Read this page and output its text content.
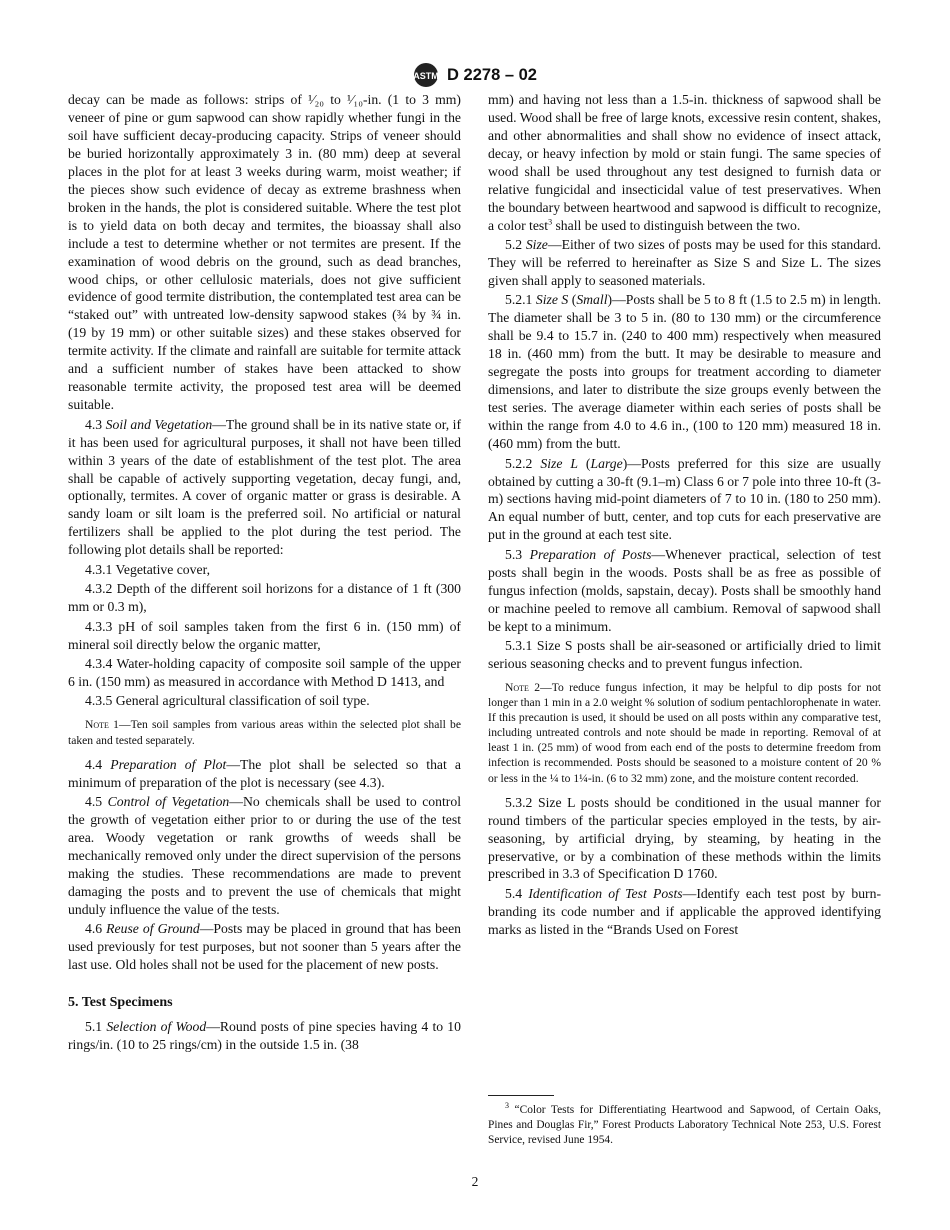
ASTM D 2278 – 02

decay can be made as follows: strips of ¹⁄₂₀ to ¹⁄₁₀-in. (1 to 3 mm) veneer of pine or gum sapwood can show rapidly whether fungi in the soil have sufficient decay-producing capacity. Strips of veneer should be buried horizontally approximately 3 in. (80 mm) deep at several places in the plot for at least 3 weeks during warm, moist weather; if the pieces show such evidence of decay as extreme brashness when broken in the hands, the plot is considered suitable. Where the test plot is to yield data on both decay and termites, the bioassay shall also include a test to determine whether or not termites are present. If the examination of wood debris on the ground, such as dead branches, wood chips, or other cellulosic materials, does not give sufficient evidence of good termite distribution, the contemplated test area can be “staked out” with untreated low-density sapwood stakes (¾ by ¾ in. (19 by 19 mm) or other suitable sizes) and these stakes observed for termite activity. If the climate and rainfall are suitable for termite attack and a sufficient number of stakes have been attacked to show reasonable termite activity, the proposed test area will be deemed suitable.

4.3 Soil and Vegetation—The ground shall be in its native state or, if it has been used for agricultural purposes, it shall not have been tilled within 3 years of the date of establishment of the test plot. The area shall be capable of actively supporting vegetation, decay fungi, and, optionally, termites. A cover of organic matter or grass is desirable. A sandy loam or silt loam is the preferred soil. No artificial or natural fertilizers shall be applied to the plot during the test period. The following plot details shall be reported:

4.3.1 Vegetative cover,

4.3.2 Depth of the different soil horizons for a distance of 1 ft (300 mm or 0.3 m),

4.3.3 pH of soil samples taken from the first 6 in. (150 mm) of mineral soil directly below the organic matter,

4.3.4 Water-holding capacity of composite soil sample of the upper 6 in. (150 mm) as measured in accordance with Method D 1413, and

4.3.5 General agricultural classification of soil type.

Note 1—Ten soil samples from various areas within the selected plot shall be taken and tested separately.

4.4 Preparation of Plot—The plot shall be selected so that a minimum of preparation of the plot is necessary (see 4.3).

4.5 Control of Vegetation—No chemicals shall be used to control the growth of vegetation either prior to or during the use of the test area. Woody vegetation or rank growths of weeds shall be mechanically removed only under the direct supervision of the persons making the studies. These recommendations are made to prevent damaging the posts and to prevent the use of chemicals that might unduly influence the value of the tests.

4.6 Reuse of Ground—Posts may be placed in ground that has been used previously for test purposes, but not sooner than 5 years after the last use. Old holes shall not be used for the placement of new posts.

5. Test Specimens

5.1 Selection of Wood—Round posts of pine species having 4 to 10 rings/in. (10 to 25 rings/cm) in the outside 1.5 in. (38

mm) and having not less than a 1.5-in. thickness of sapwood shall be used. Wood shall be free of large knots, excessive resin content, shakes, and other abnormalities and shall show no evidence of insect attack, decay, or heavy infection by mold or stain fungi. The same species of wood shall be used throughout any test designed to furnish data or relative fungicidal and insecticidal value of test preservatives. When the boundary between heartwood and sapwood is difficult to recognize, a color test$^3$ shall be used to distinguish between the two.

5.2 Size—Either of two sizes of posts may be used for this standard. They will be referred to hereinafter as Size S and Size L. The sizes given shall apply to seasoned materials.

5.2.1 Size S (Small)—Posts shall be 5 to 8 ft (1.5 to 2.5 m) in length. The diameter shall be 3 to 5 in. (80 to 130 mm) or the circumference shall be 9.4 to 15.7 in. (240 to 400 mm) respectively when measured 18 in. (460 mm) from the butt. It may be desirable to measure and segregate the posts into groups for treatment according to diameter dimensions, and later to distribute the size groups evenly between the test series. The average diameter within each series of posts shall be within the range from 4.0 to 4.6 in., (100 to 120 mm) measured 18 in. (460 mm) from the butt.

5.2.2 Size L (Large)—Posts preferred for this size are usually obtained by cutting a 30-ft (9.1–m) Class 6 or 7 pole into three 10-ft (3-m) sections having mid-point diameters of 7 to 10 in. (180 to 250 mm). An equal number of butt, center, and top cuts for each preservative are put in the ground at each test site.

5.3 Preparation of Posts—Whenever practical, selection of test posts shall begin in the woods. Posts shall be as free as possible of fungus infection (molds, sapstain, decay). Posts shall be smoothly hand or machine peeled to remove all cambium. Removal of sapwood shall be kept to a minimum.

5.3.1 Size S posts shall be air-seasoned or artificially dried to limit serious seasoning checks and to prevent fungus infection.

Note 2—To reduce fungus infection, it may be helpful to dip posts for not longer than 1 min in a 2.0 weight % solution of sodium pentachlorophenate in water. If this precaution is used, it should be used on all posts within any comparative test, including untreated controls and note should be made in reporting. Removal of at least 1 in. (25 mm) of wood from each end of the posts to determine freedom from infection is recommended. Posts should be seasoned to a moisture content of 20 % or less in the ¼ to 1¼-in. (6 to 32 mm) zone, and the moisture content recorded.

5.3.2 Size L posts should be conditioned in the usual manner for round timbers of the particular species employed in the tests, by air-seasoning, by artificial drying, by steaming, by heating in the preservative, or by a combination of these methods within the limits prescribed in 3.3 of Specification D 1760.

5.4 Identification of Test Posts—Identify each test post by burn-branding its code number and if applicable the approved identifying marks as listed in the “Brands Used on Forest

$^3$ “Color Tests for Differentiating Heartwood and Sapwood, of Certain Oaks, Pines and Douglas Fir,” Forest Products Laboratory Technical Note 253, U.S. Forest Service, revised June 1954.
2
